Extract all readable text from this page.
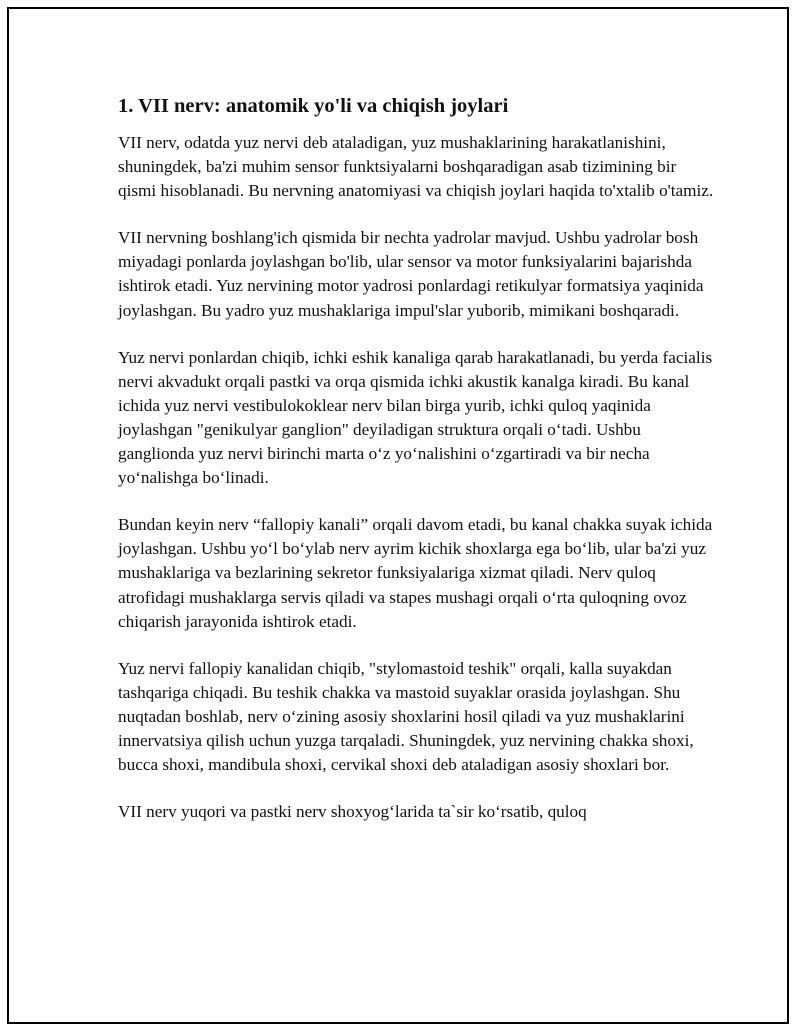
1. VII nerv: anatomik yo'li va chiqish joylari

VII nerv, odatda yuz nervi deb ataladigan, yuz mushaklarining harakatlanishini, shuningdek, ba'zi muhim sensor funktsiyalarni boshqaradigan asab tizimining bir qismi hisoblanadi. Bu nervning anatomiyasi va chiqish joylari haqida to'xtalib o'tamiz.

VII nervning boshlang'ich qismida bir nechta yadrolar mavjud. Ushbu yadrolar bosh miyadagi ponlarda joylashgan bo'lib, ular sensor va motor funksiyalarini bajarishda ishtirok etadi. Yuz nervining motor yadrosi ponlardagi retikulyar formatsiya yaqinida joylashgan. Bu yadro yuz mushaklariga impul'slar yuborib, mimikani boshqaradi.

Yuz nervi ponlardan chiqib, ichki eshik kanaliga qarab harakatlanadi, bu yerda facialis nervi akvadukt orqali pastki va orqa qismida ichki akustik kanalga kiradi. Bu kanal ichida yuz nervi vestibulokoklear nerv bilan birga yurib, ichki quloq yaqinida joylashgan "genikulyar ganglion" deyiladigan struktura orqali o‘tadi. Ushbu ganglionda yuz nervi birinchi marta o‘z yo‘nalishini o‘zgartiradi va bir necha yo‘nalishga bo‘linadi.

Bundan keyin nerv “fallopiy kanali” orqali davom etadi, bu kanal chakka suyak ichida joylashgan. Ushbu yo‘l bo‘ylab nerv ayrim kichik shoxlarga ega bo‘lib, ular ba'zi yuz mushaklariga va bezlarining sekretor funksiyalariga xizmat qiladi. Nerv quloq atrofidagi mushaklarga servis qiladi va stapes mushagi orqali o‘rta quloqning ovoz chiqarish jarayonida ishtirok etadi.

Yuz nervi fallopiy kanalidan chiqib, "stylomastoid teshik" orqali, kalla suyakdan tashqariga chiqadi. Bu teshik chakka va mastoid suyaklar orasida joylashgan. Shu nuqtadan boshlab, nerv o‘zining asosiy shoxlarini hosil qiladi va yuz mushaklarini innervatsiya qilish uchun yuzga tarqaladi. Shuningdek, yuz nervining chakka shoxi, bucca shoxi, mandibula shoxi, cervikal shoxi deb ataladigan asosiy shoxlari bor.

VII nerv yuqori va pastki nerv shoxyog‘larida ta`sir ko‘rsatib, quloq
